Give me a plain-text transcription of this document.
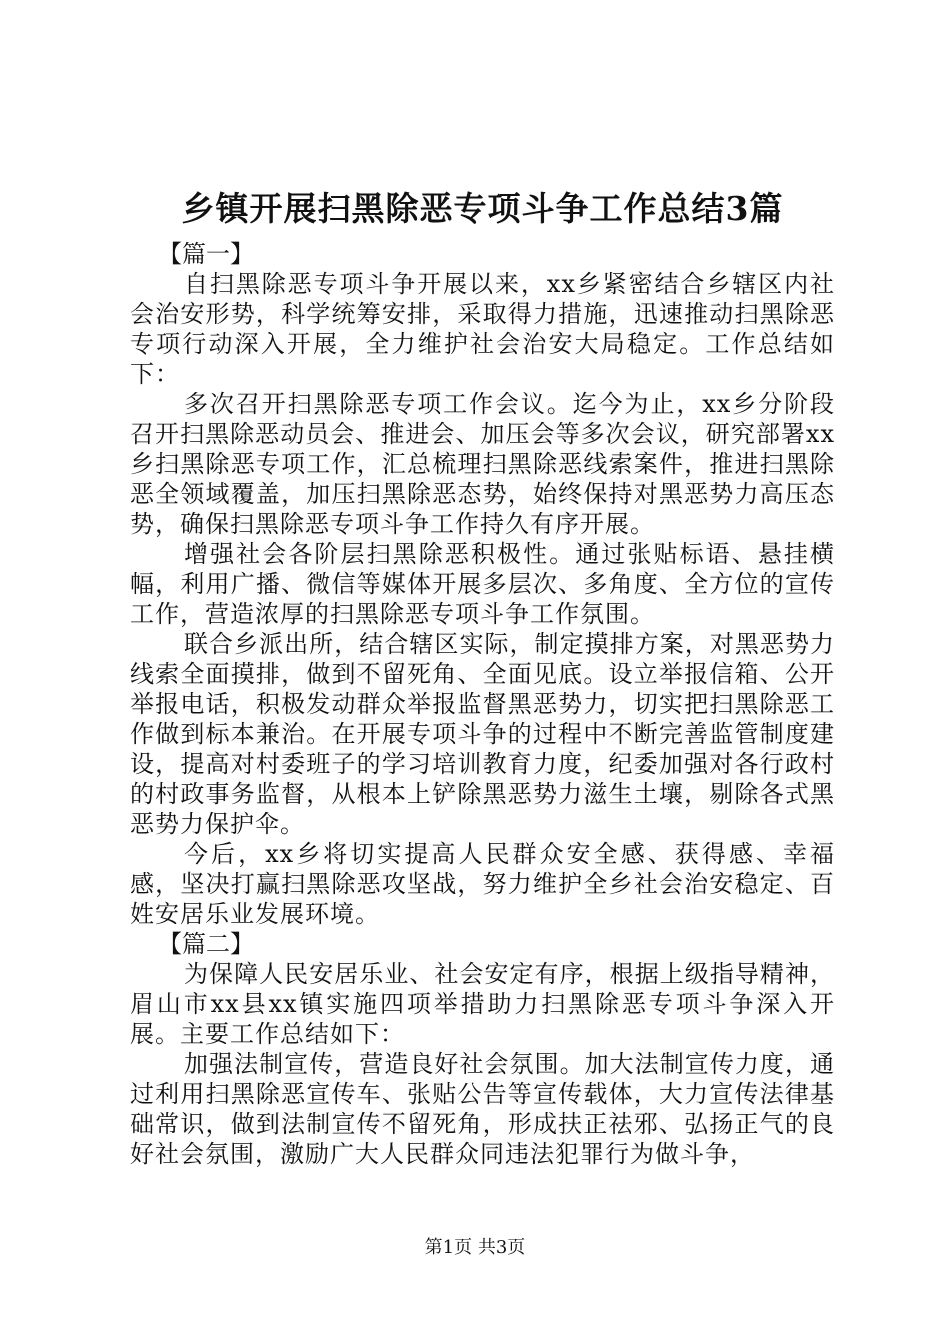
乡镇开展扫黑除恶专项斗争工作总结3篇

【篇一】

自扫黑除恶专项斗争开展以来，xx乡紧密结合乡辖区内社会治安形势，科学统筹安排，采取得力措施，迅速推动扫黑除恶专项行动深入开展，全力维护社会治安大局稳定。工作总结如下：

多次召开扫黑除恶专项工作会议。迄今为止，xx乡分阶段召开扫黑除恶动员会、推进会、加压会等多次会议，研究部署xx乡扫黑除恶专项工作，汇总梳理扫黑除恶线索案件，推进扫黑除恶全领域覆盖，加压扫黑除恶态势，始终保持对黑恶势力高压态势，确保扫黑除恶专项斗争工作持久有序开展。

增强社会各阶层扫黑除恶积极性。通过张贴标语、悬挂横幅，利用广播、微信等媒体开展多层次、多角度、全方位的宣传工作，营造浓厚的扫黑除恶专项斗争工作氛围。

联合乡派出所，结合辖区实际，制定摸排方案，对黑恶势力线索全面摸排，做到不留死角、全面见底。设立举报信箱、公开举报电话，积极发动群众举报监督黑恶势力，切实把扫黑除恶工作做到标本兼治。在开展专项斗争的过程中不断完善监管制度建设，提高对村委班子的学习培训教育力度，纪委加强对各行政村的村政事务监督，从根本上铲除黑恶势力滋生土壤，剔除各式黑恶势力保护伞。

今后，xx乡将切实提高人民群众安全感、获得感、幸福感，坚决打赢扫黑除恶攻坚战，努力维护全乡社会治安稳定、百姓安居乐业发展环境。

【篇二】

为保障人民安居乐业、社会安定有序，根据上级指导精神，眉山市xx县xx镇实施四项举措助力扫黑除恶专项斗争深入开展。主要工作总结如下：

加强法制宣传，营造良好社会氛围。加大法制宣传力度，通过利用扫黑除恶宣传车、张贴公告等宣传载体，大力宣传法律基础常识，做到法制宣传不留死角，形成扶正祛邪、弘扬正气的良好社会氛围，激励广大人民群众同违法犯罪行为做斗争，

第1页 共3页
